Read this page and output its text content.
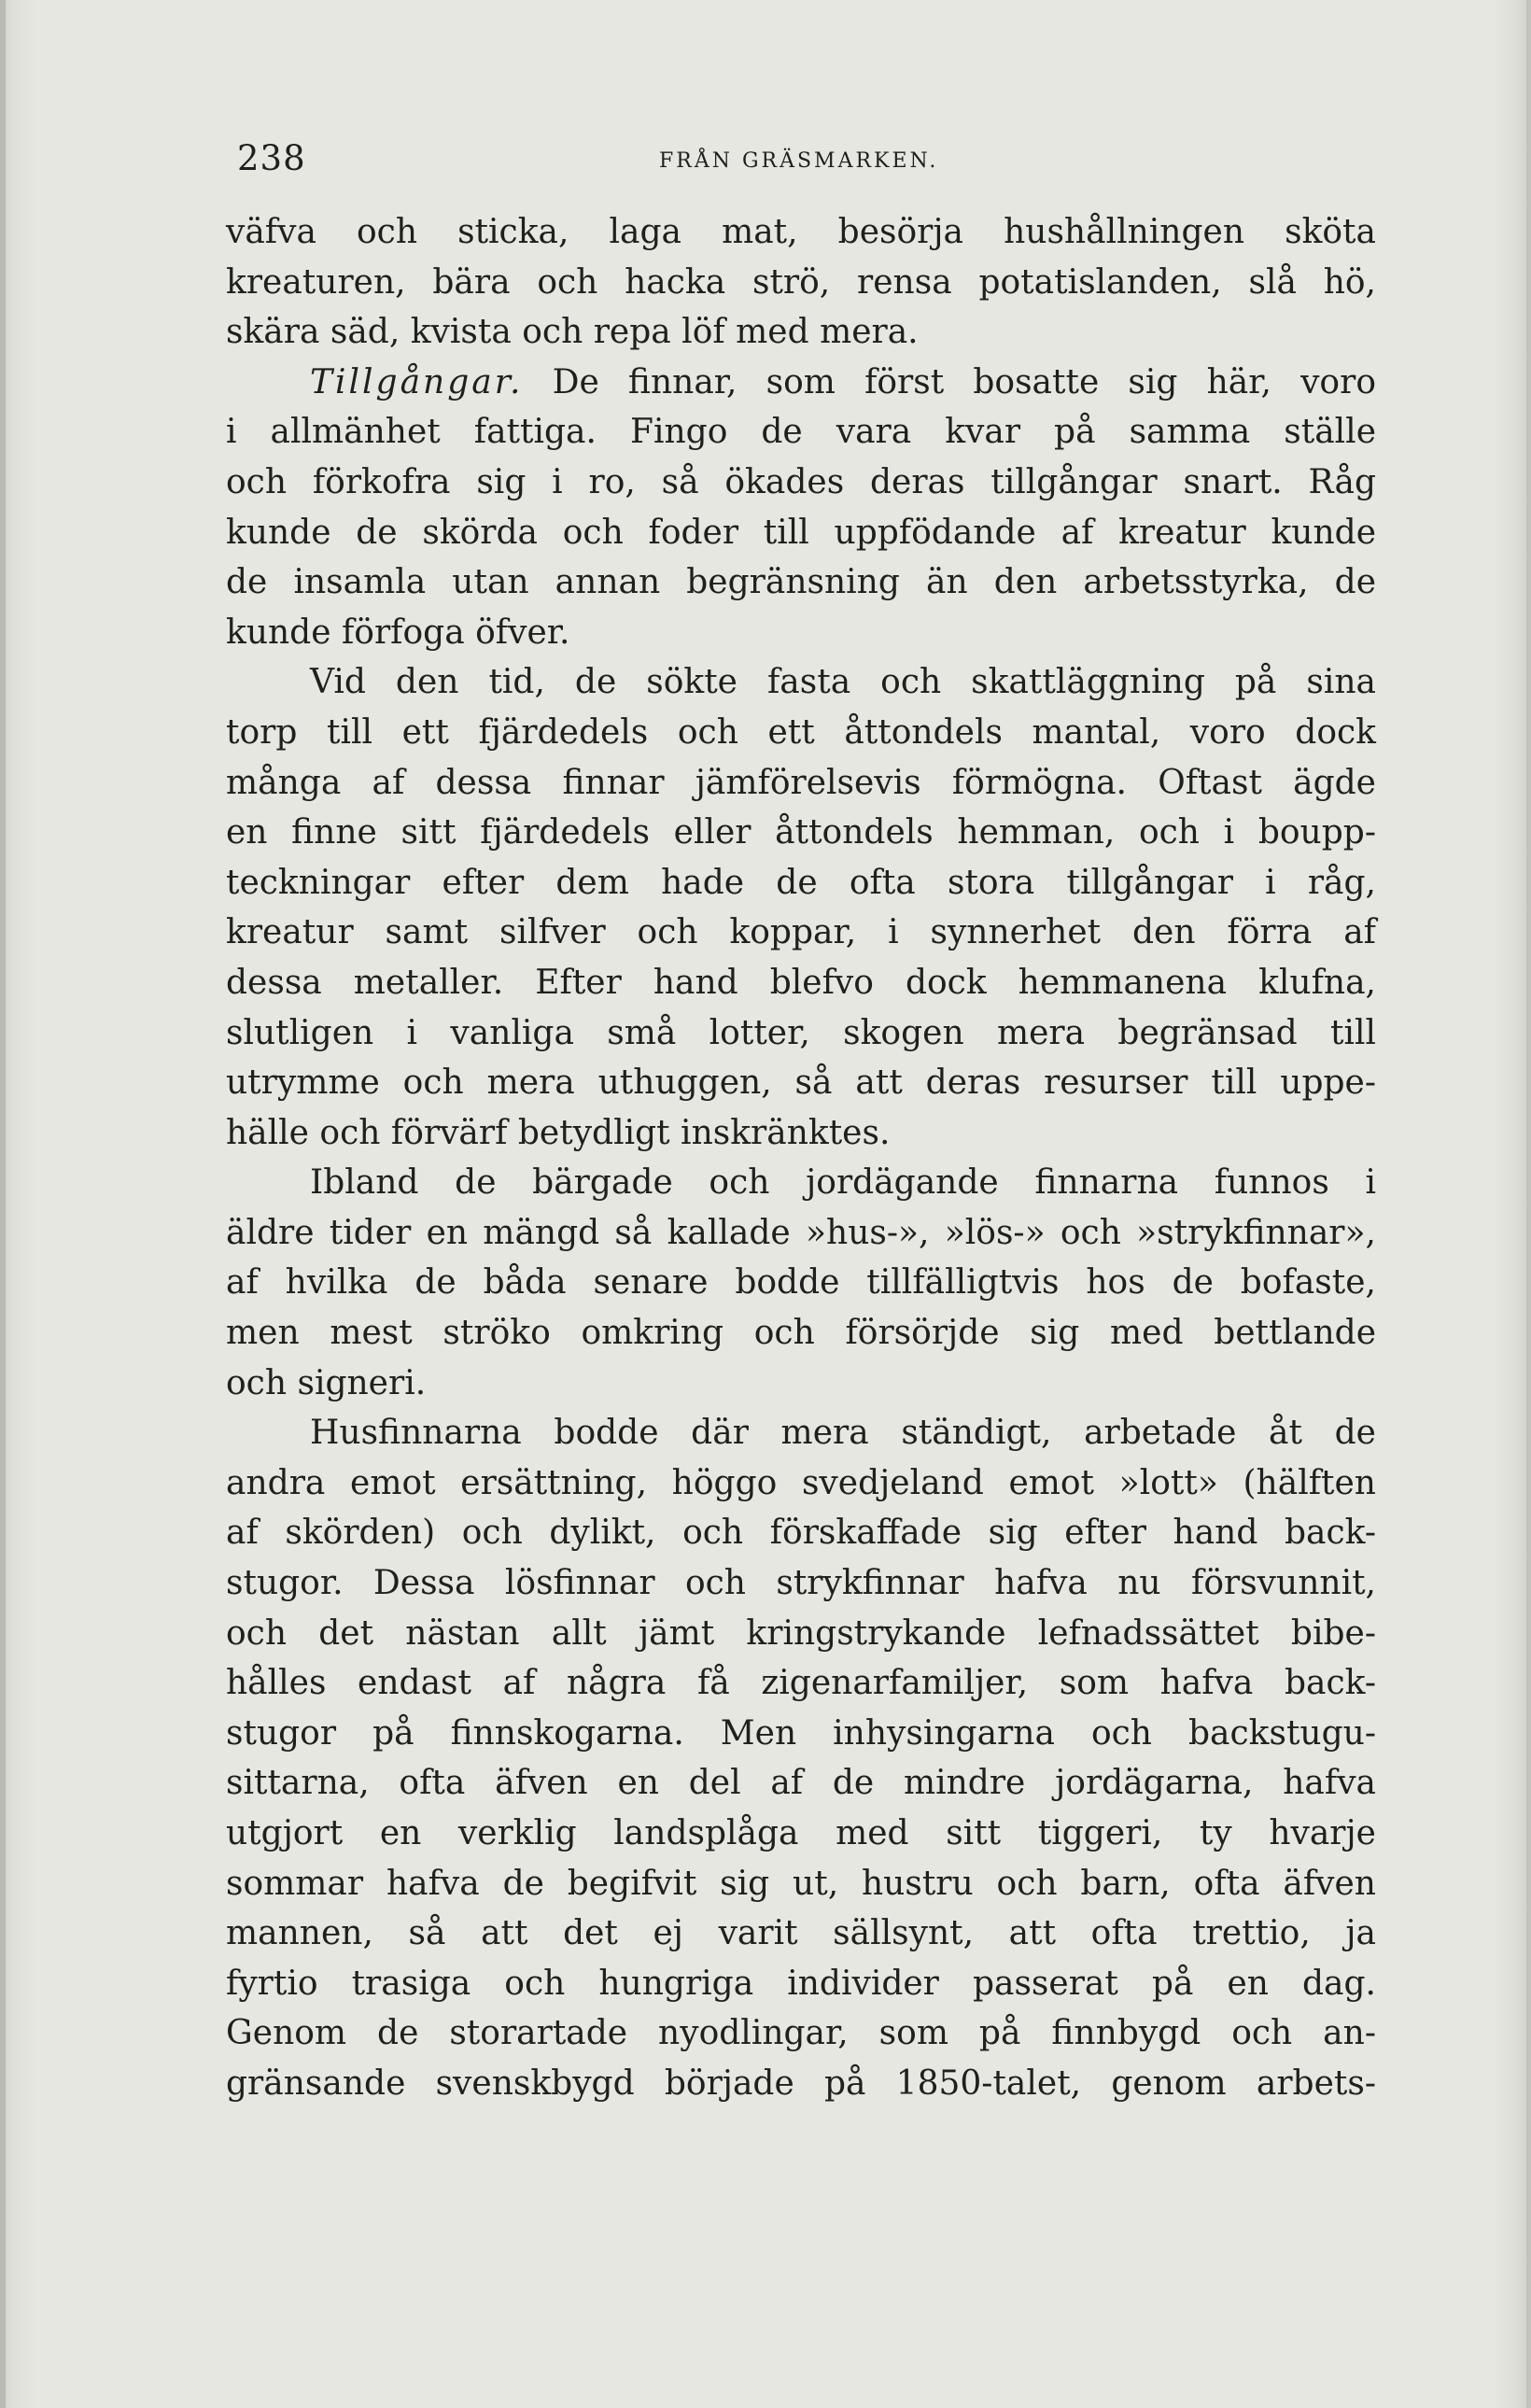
238	FRÅN GRÄSMARKEN.
väfva och sticka, laga mat, besörja hushållningen sköta
kreaturen, bära och hacka strö, rensa potatislanden, slå hö,
skära säd, kvista och repa löf med mera.
Tillgångar. De finnar, som först bosatte sig här, voro
i allmänhet fattiga. Fingo de vara kvar på samma ställe
och förkofra sig i ro, så ökades deras tillgångar snart. Råg
kunde de skörda och foder till uppfödande af kreatur kunde
de insamla utan annan begränsning än den arbetsstyrka, de
kunde förfoga öfver.
Vid den tid, de sökte fasta och skattläggning på sina
torp till ett fjärdedels och ett åttondels mantal, voro dock
många af dessa finnar jämförelsevis förmögna. Oftast ägde
en finne sitt fjärdedels eller åttondels hemman, och i boupp-
teckningar efter dem hade de ofta stora tillgångar i råg,
kreatur samt silfver och koppar, i synnerhet den förra af
dessa metaller. Efter hand blefvo dock hemmanena klufna,
slutligen i vanliga små lotter, skogen mera begränsad till
utrymme och mera uthuggen, så att deras resurser till uppe-
hälle och förvärf betydligt inskränktes.
Ibland de bärgade och jordägande finnarna funnos i
äldre tider en mängd så kallade »hus-», »lös-» och »strykfinnar»,
af hvilka de båda senare bodde tillfälligtvis hos de bofaste,
men mest ströko omkring och försörjde sig med bettlande
och signeri.
Husfinnarna bodde där mera ständigt, arbetade åt de
andra emot ersättning, höggo svedjeland emot »lott» (hälften
af skörden) och dylikt, och förskaffade sig efter hand back-
stugor. Dessa lösfinnar och strykfinnar hafva nu försvunnit,
och det nästan allt jämt kringstrykande lefnadssättet bibe-
hålles endast af några få zigenarfamiljer, som hafva back-
stugor på finnskogarna. Men inhysingarna och backstugu-
sittarna, ofta äfven en del af de mindre jordägarna, hafva
utgjort en verklig landsplåga med sitt tiggeri, ty hvarje
sommar hafva de begifvit sig ut, hustru och barn, ofta äfven
mannen, så att det ej varit sällsynt, att ofta trettio, ja
fyrtio trasiga och hungriga individer passerat på en dag.
Genom de storartade nyodlingar, som på finnbygd och an-
gränsande svenskbygd började på 1850-talet, genom arbets-
